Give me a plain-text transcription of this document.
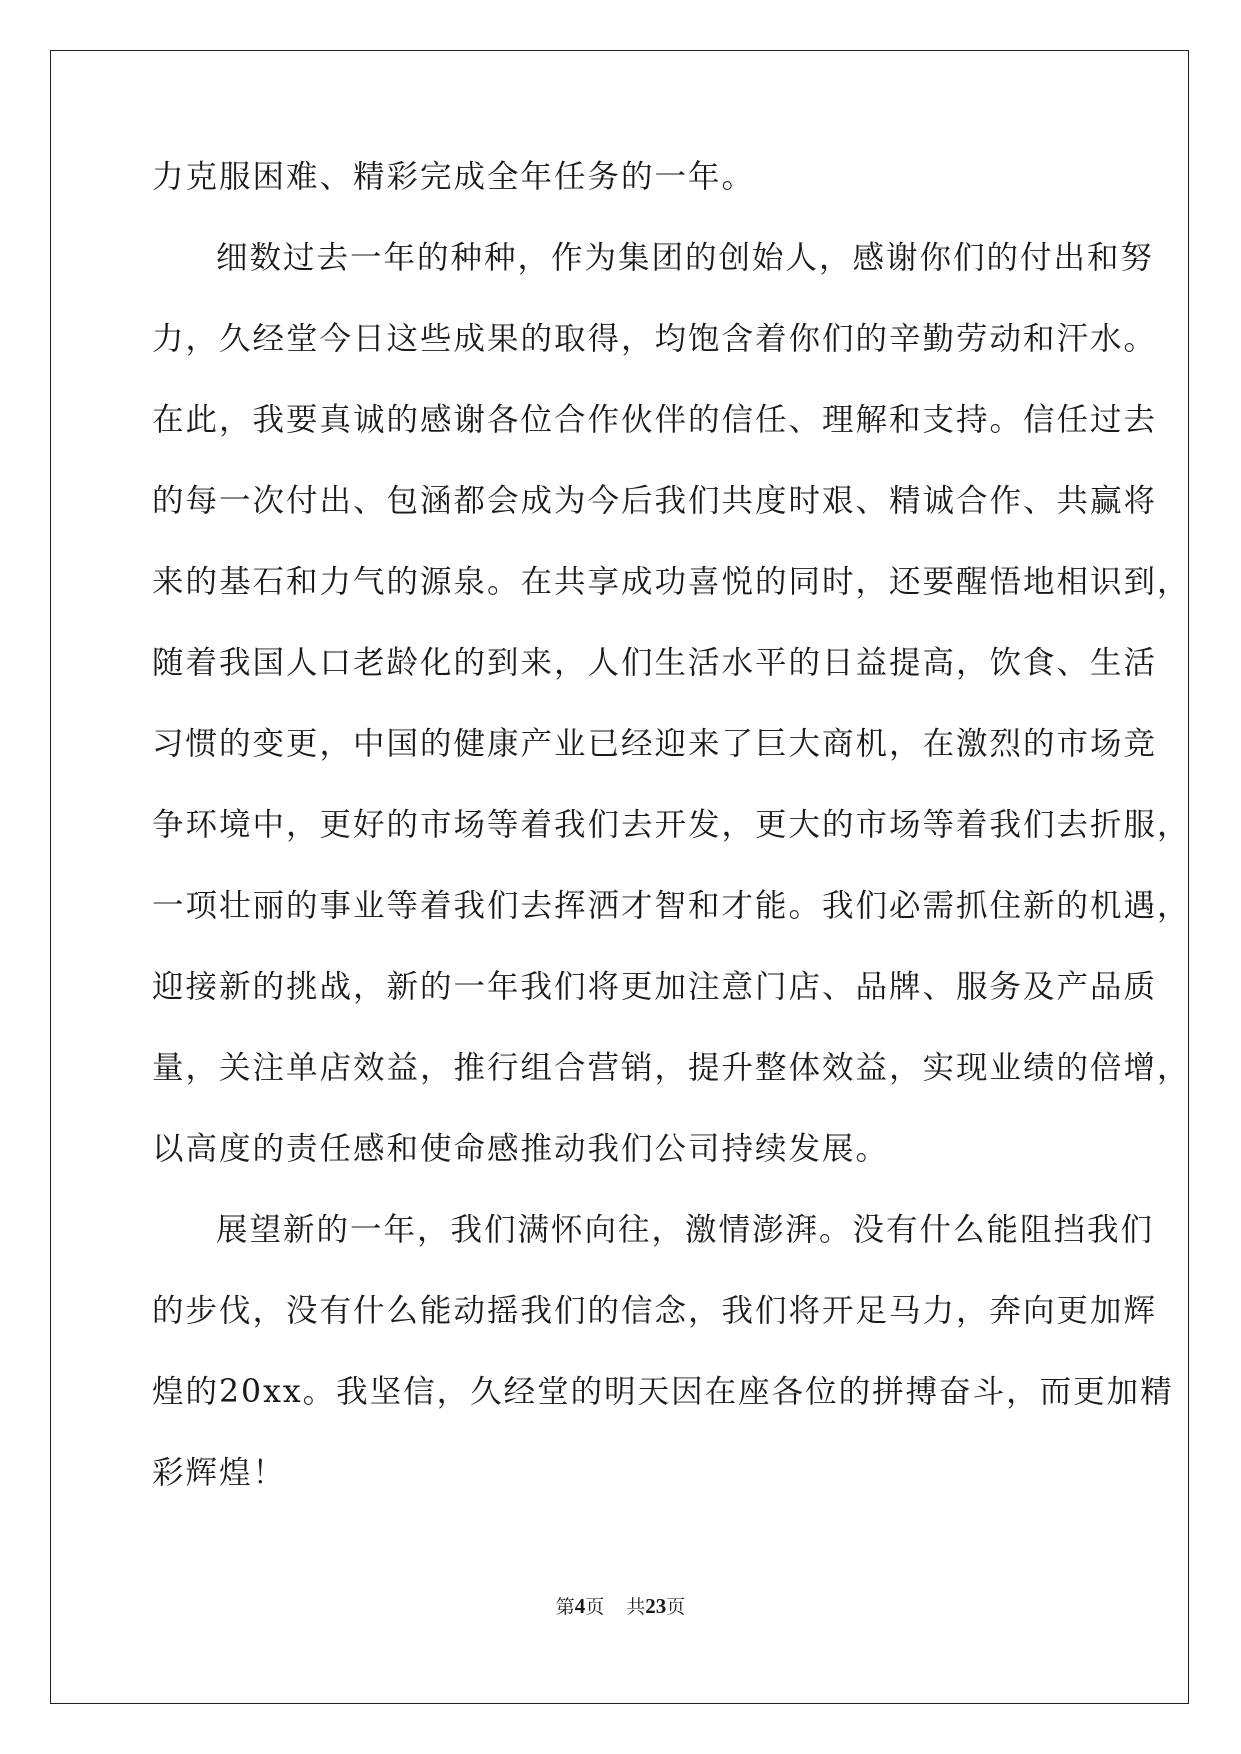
力克服困难、精彩完成全年任务的一年。
细数过去一年的种种，作为集团的创始人，感谢你们的付出和努
力，久经堂今日这些成果的取得，均饱含着你们的辛勤劳动和汗水。
在此，我要真诚的感谢各位合作伙伴的信任、理解和支持。信任过去
的每一次付出、包涵都会成为今后我们共度时艰、精诚合作、共赢将
来的基石和力气的源泉。在共享成功喜悦的同时，还要醒悟地相识到，
随着我国人口老龄化的到来，人们生活水平的日益提高，饮食、生活
习惯的变更，中国的健康产业已经迎来了巨大商机，在激烈的市场竞
争环境中，更好的市场等着我们去开发，更大的市场等着我们去折服，
一项壮丽的事业等着我们去挥洒才智和才能。我们必需抓住新的机遇，
迎接新的挑战，新的一年我们将更加注意门店、品牌、服务及产品质
量，关注单店效益，推行组合营销，提升整体效益，实现业绩的倍增，
以高度的责任感和使命感推动我们公司持续发展。
展望新的一年，我们满怀向往，激情澎湃。没有什么能阻挡我们
的步伐，没有什么能动摇我们的信念，我们将开足马力，奔向更加辉
煌的20xx。我坚信，久经堂的明天因在座各位的拼搏奋斗，而更加精
彩辉煌！
第4页 共23页
